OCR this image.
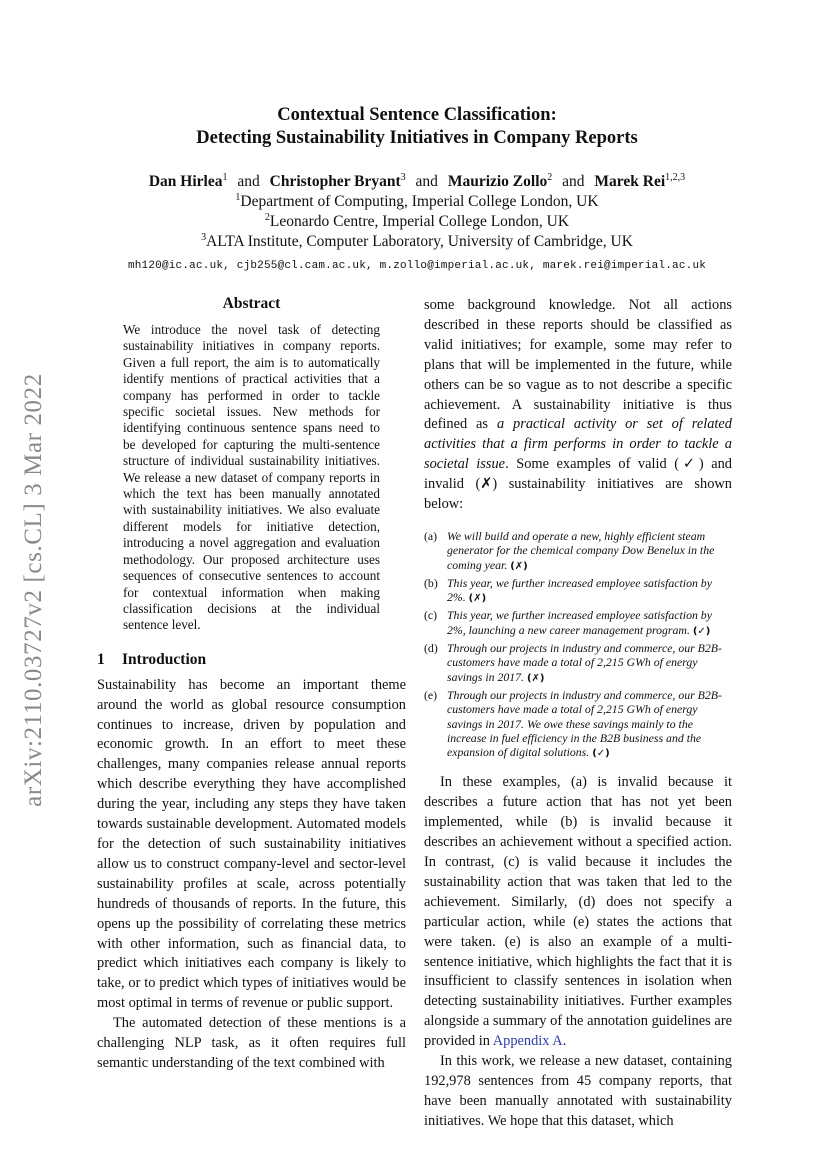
arXiv:2110.03727v2 [cs.CL] 3 Mar 2022
Contextual Sentence Classification:
Detecting Sustainability Initiatives in Company Reports
Dan Hirlea$^1$ and Christopher Bryant$^3$ and Maurizio Zollo$^2$ and Marek Rei$^{1,2,3}$
$^1$Department of Computing, Imperial College London, UK
$^2$Leonardo Centre, Imperial College London, UK
$^3$ALTA Institute, Computer Laboratory, University of Cambridge, UK
mh120@ic.ac.uk, cjb255@cl.cam.ac.uk, m.zollo@imperial.ac.uk, marek.rei@imperial.ac.uk
Abstract

We introduce the novel task of detecting sustainability initiatives in company reports. Given a full report, the aim is to automatically identify mentions of practical activities that a company has performed in order to tackle specific societal issues. New methods for identifying continuous sentence spans need to be developed for capturing the multi-sentence structure of individual sustainability initiatives. We release a new dataset of company reports in which the text has been manually annotated with sustainability initiatives. We also evaluate different models for initiative detection, introducing a novel aggregation and evaluation methodology. Our proposed architecture uses sequences of consecutive sentences to account for contextual information when making classification decisions at the individual sentence level.

1 Introduction

Sustainability has become an important theme around the world as global resource consumption continues to increase, driven by population and economic growth. In an effort to meet these challenges, many companies release annual reports which describe everything they have accomplished during the year, including any steps they have taken towards sustainable development. Automated models for the detection of such sustainability initiatives allow us to construct company-level and sector-level sustainability profiles at scale, across potentially hundreds of thousands of reports. In the future, this opens up the possibility of correlating these metrics with other information, such as financial data, to predict which initiatives each company is likely to take, or to predict which types of initiatives would be most optimal in terms of revenue or public support.

The automated detection of these mentions is a challenging NLP task, as it often requires full semantic understanding of the text combined with

some background knowledge. Not all actions described in these reports should be classified as valid initiatives; for example, some may refer to plans that will be implemented in the future, while others can be so vague as to not describe a specific achievement. A sustainability initiative is thus defined as a practical activity or set of related activities that a firm performs in order to tackle a societal issue. Some examples of valid (✓) and invalid (✗) sustainability initiatives are shown below:

(a) We will build and operate a new, highly efficient steam generator for the chemical company Dow Benelux in the coming year. (✗)
(b) This year, we further increased employee satisfaction by 2%. (✗)
(c) This year, we further increased employee satisfaction by 2%, launching a new career management program. (✓)
(d) Through our projects in industry and commerce, our B2B-customers have made a total of 2,215 GWh of energy savings in 2017. (✗)
(e) Through our projects in industry and commerce, our B2B-customers have made a total of 2,215 GWh of energy savings in 2017. We owe these savings mainly to the increase in fuel efficiency in the B2B business and the expansion of digital solutions. (✓)

In these examples, (a) is invalid because it describes a future action that has not yet been implemented, while (b) is invalid because it describes an achievement without a specified action. In contrast, (c) is valid because it includes the sustainability action that was taken that led to the achievement. Similarly, (d) does not specify a particular action, while (e) states the actions that were taken. (e) is also an example of a multi-sentence initiative, which highlights the fact that it is insufficient to classify sentences in isolation when detecting sustainability initiatives. Further examples alongside a summary of the annotation guidelines are provided in Appendix A.

In this work, we release a new dataset, containing 192,978 sentences from 45 company reports, that have been manually annotated with sustainability initiatives. We hope that this dataset, which
